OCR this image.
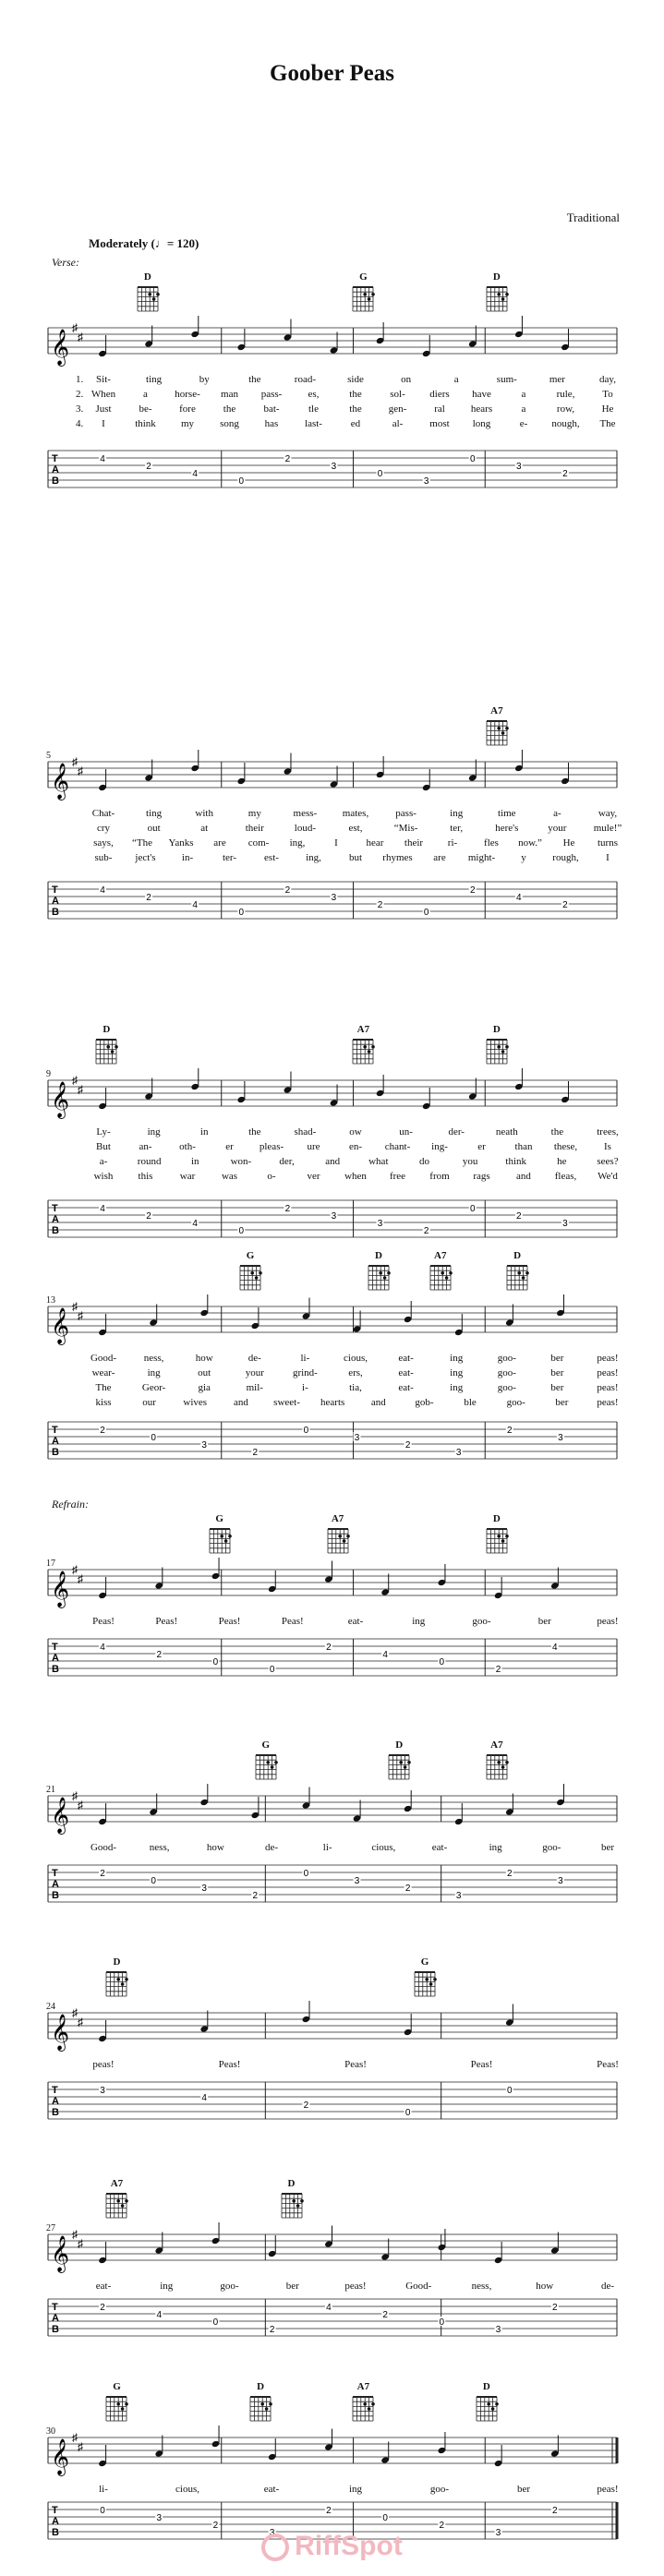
Goober Peas
Traditional
Moderately (♩= 120)
Verse:
D	G	D
𝄞
♯
♯
T
A
B
4
2
4
0
2
3
0
3
0
3
2
1.
2.
3.
4.
Sit-	ting	by	the	road-	side	on	a	sum-	mer	day,
When	a	horse- man pass-	es,	the	sol- diers have	a	rule,	To
Just	be-	fore	the	bat-	tle	the	gen-	ral	hears	a	row,	He
I	think my	song	has	last-	ed	al-	most long	e- nough, The
5
A7
𝄞
♯
♯
T
A
B
4
2
4
0
2
3
2
0
2
4
2
Chat-	ting	with	my	mess-	mates,	pass-	ing	time	a-	way,
cry	out	at	their	loud-	est,	“Mis-	ter,	here's	your	mule!”
says, “The Yanks are com- ing,	I	hear their ri-	fles now.” He turns
sub- ject's	in-	ter-	est-	ing,	but rhymes are might-	y	rough,	I
9
D	A7	D
𝄞
♯
♯
T
A
B
4
2
4
0
2
3
3
2
0
2
3
Ly-	ing	in	the	shad-	ow	un-	der-	neath	the	trees,
But	an-	oth-	er	pleas- ure	en- chant- ing-	er	than these,	Is
a-	round	in	won-	der,	and	what	do	you	think	he	sees?
wish this	war	was	o-	ver when free from rags	and fleas, We'd
13
G	D	A7	D
𝄞
♯
♯
T
A
B
2
0
3
2
0
3
2
3
2
3
Good-	ness,	how	de-	li-	cious,	eat-	ing	goo-	ber	peas!
wear-	ing	out	your	grind-	ers,	eat-	ing	goo-	ber	peas!
The	Geor-	gia	mil-	i-	tia,	eat-	ing	goo-	ber	peas!
kiss	our	wives	and sweet- hearts	and	gob-	ble	goo-	ber	peas!
Refrain:
17
G	A7	D
𝄞
♯
♯
T
A
B
4
2
0
0
2
4
0
2
4
Peas!	Peas!	Peas!	Peas!	eat-	ing	goo-	ber	peas!
21
G	D	A7
𝄞
♯
♯
T
A
B
2
0
3
2
0
3
2
3
2
3
Good-	ness,	how	de-	li-	cious,	eat-	ing	goo-	ber
24
D	G
𝄞
♯
♯
T
A
B
3
4
2
0
0
peas!	Peas!	Peas!	Peas!	Peas!
27
A7	D
𝄞
♯
♯
T
A
B
2
4
0
2
4
2
0
3
2
eat-	ing	goo-	ber	peas!	Good-	ness,	how	de-
30
G	D	A7	D
𝄞
♯
♯
T
A
B
0
3
2
3
2
0
2
3
2
li-	cious,	eat-	ing	goo-	ber	peas!
RiffSpot
